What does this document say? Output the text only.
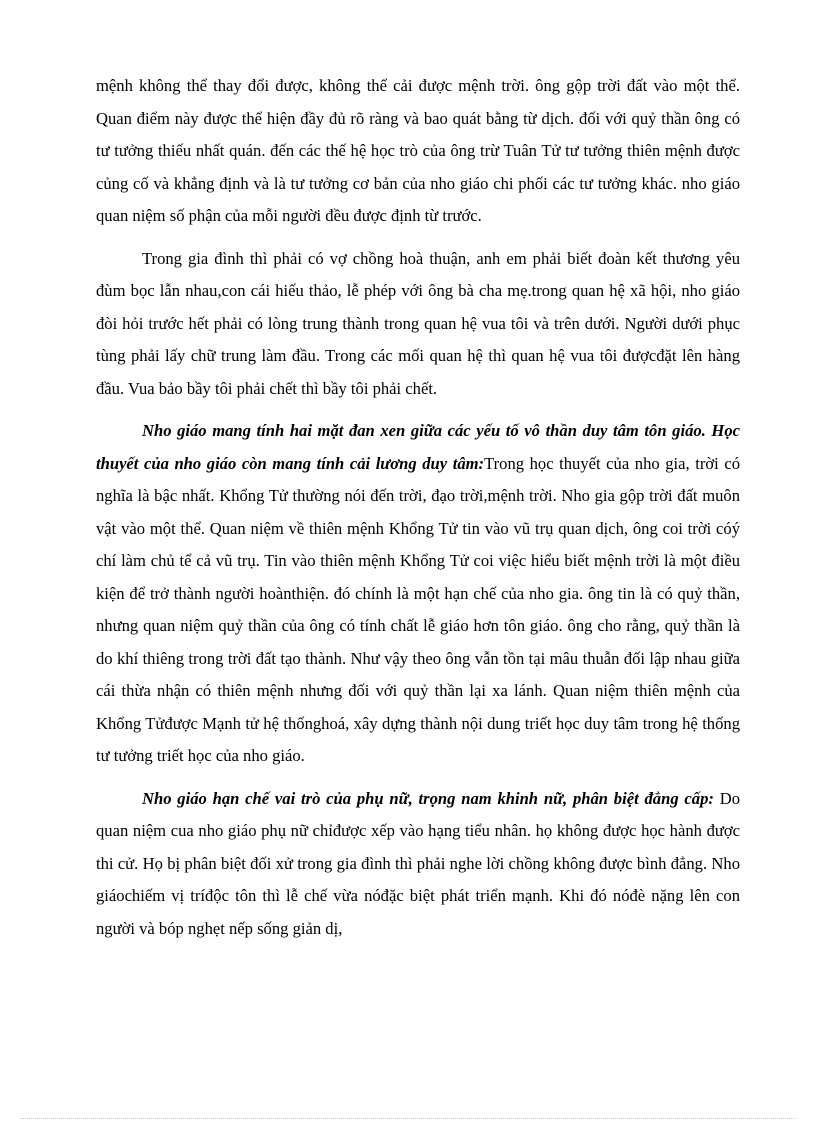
mệnh không thể thay đổi được, không thể cải được mệnh trời. ông gộp trời đất vào một thể. Quan điểm này được thể hiện đầy đủ rõ ràng và bao quát bằng từ dịch. đối với quỷ thần ông có tư tưởng thiếu nhất quán. đến các thế hệ học trò của ông trừ Tuân Tử tư tưởng thiên mệnh được củng cố và khẳng định và là tư tưởng cơ bản của nho giáo chi phối các tư tưởng khác. nho giáo quan niệm số phận của mỗi người đều được định từ trước.

Trong gia đình thì phải có vợ chồng hoà thuận, anh em phải biết đoàn kết thương yêu đùm bọc lẫn nhau,con cái hiếu thảo, lễ phép với ông bà cha mẹ.trong quan hệ xã hội, nho giáo đòi hỏi trước hết phải có lòng trung thành trong quan hệ vua tôi và trên dưới. Người dưới phục tùng phải lấy chữ trung làm đầu. Trong các mối quan hệ thì quan hệ vua tôi đượcđặt lên hàng đầu. Vua bảo bầy tôi phải chết thì bầy tôi phải chết.

Nho giáo mang tính hai mặt đan xen giữa các yếu tố vô thần duy tâm tôn giáo. Học thuyết của nho giáo còn mang tính cải lương duy tâm:Trong học thuyết của nho gia, trời có nghĩa là bậc nhất. Khổng Tử thường nói đến trời, đạo trời,mệnh trời. Nho gia gộp trời đất muôn vật vào một thể. Quan niệm về thiên mệnh Khổng Tử tin vào vũ trụ quan dịch, ông coi trời cóý chí làm chủ tể cả vũ trụ. Tin vào thiên mệnh Khổng Tử coi việc hiểu biết mệnh trời là một điều kiện để trở thành người hoànthiện. đó chính là một hạn chế của nho gia. ông tin là có quỷ thần, nhưng quan niệm quỷ thần của ông có tính chất lễ giáo hơn tôn giáo. ông cho rằng, quỷ thần là do khí thiêng trong trời đất tạo thành. Như vậy theo ông vẫn tồn tại mâu thuẫn đối lập nhau giữa cái thừa nhận có thiên mệnh nhưng đối với quỷ thần lại xa lánh. Quan niệm thiên mệnh của Khổng Tửđược Mạnh tử hệ thốnghoá, xây dựng thành nội dung triết học duy tâm trong hệ thống tư tưởng triết học của nho giáo.

Nho giáo hạn chế vai trò của phụ nữ, trọng nam khinh nữ, phân biệt đẳng cấp: Do quan niệm cua nho giáo phụ nữ chỉđược xếp vào hạng tiểu nhân. họ không được học hành được thi cử. Họ bị phân biệt đối xử trong gia đình thì phải nghe lời chồng không được bình đẳng. Nho giáochiếm vị tríđộc tôn thì lễ chế vừa nóđặc biệt phát triển mạnh. Khi đó nóđè nặng lên con người và bóp nghẹt nếp sống giản dị,
